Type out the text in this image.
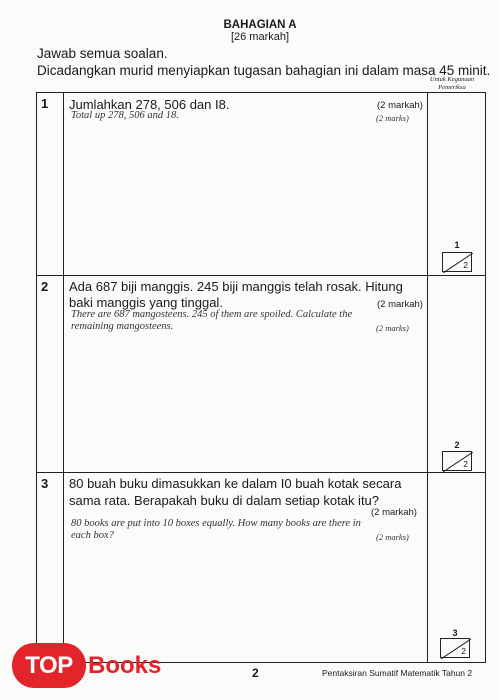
BAHAGIAN A
[26 markah]
Jawab semua soalan.
Dicadangkan murid menyiapkan tugasan bahagian ini dalam masa 45 minit.
Untuk Kegunaan
Pemeriksa
1 Jumlahkan 278, 506 dan I8.	(2 markah)
Total up 278, 506 and 18.	(2 marks)
1
2
2 Ada 687 biji manggis. 245 biji manggis telah rosak. Hitung
baki manggis yang tinggal.	(2 markah)
There are 687 mangosteens. 245 of them are spoiled. Calculate the
remaining mangosteens.	(2 marks)
2
2
3 80 buah buku dimasukkan ke dalam I0 buah kotak secara
sama rata. Berapakah buku di dalam setiap kotak itu?
(2 markah)
80 books are put into 10 boxes equally. How many books are there in
each box?	(2 marks)
3
2
2	Pentaksiran Sumatif Matematik Tahun 2
TOP Books
